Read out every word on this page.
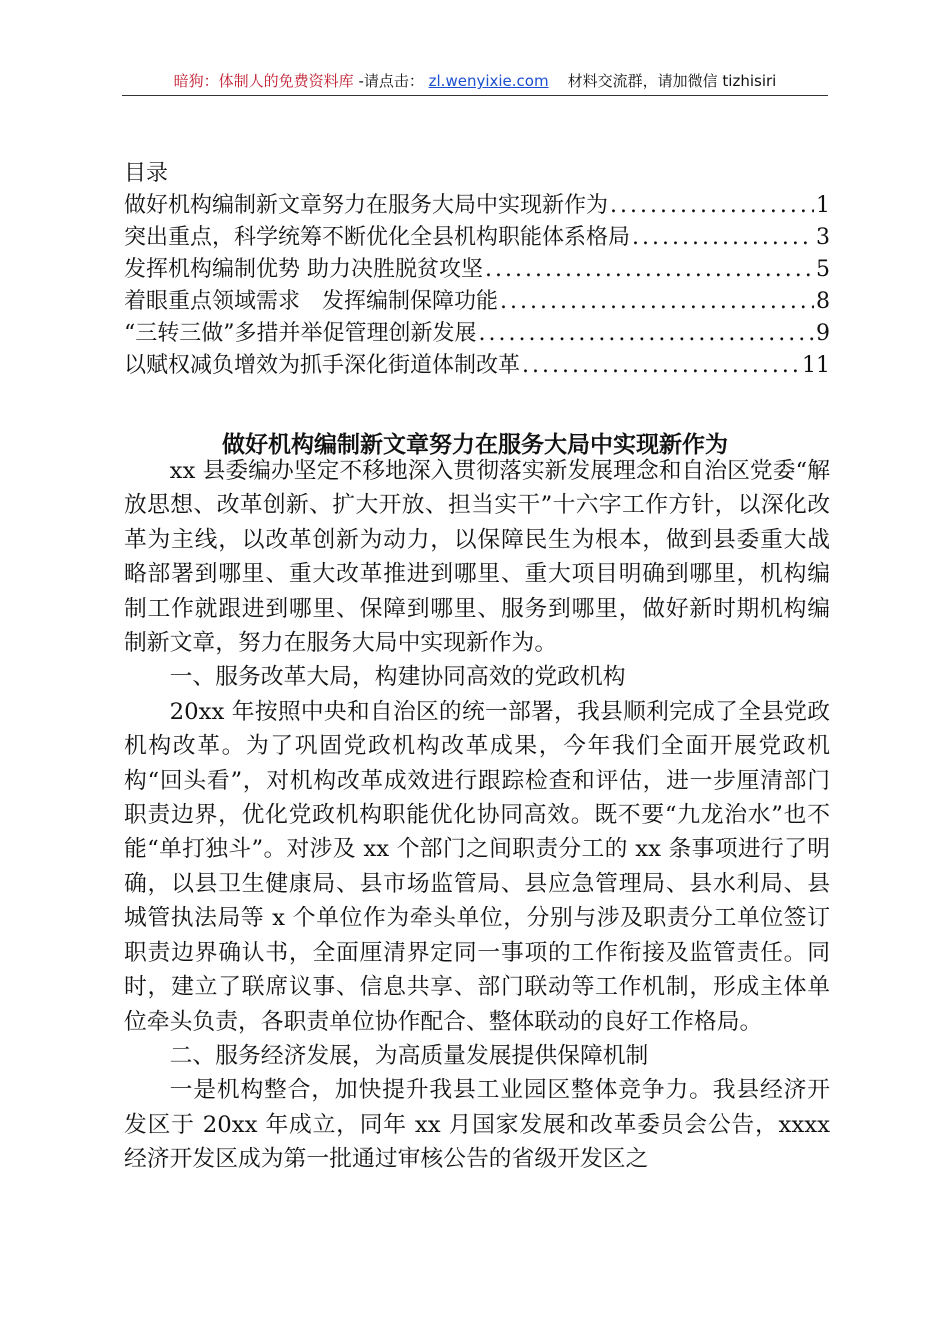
暗狗：体制人的免费资料库 -请点击： zl.wenyixie.com 材料交流群，请加微信 tizhisiri
目录
做好机构编制新文章努力在服务大局中实现新作为 .....	1
突出重点，科学统筹不断优化全县机构职能体系格局 .....	3
发挥机构编制优势 助力决胜脱贫攻坚 .....	5
着眼重点领域需求　发挥编制保障功能 .....	8
“三转三做”多措并举促管理创新发展 .....	9
以赋权减负增效为抓手深化街道体制改革 .....	11
做好机构编制新文章努力在服务大局中实现新作为

xx 县委编办坚定不移地深入贯彻落实新发展理念和自治区党委“解放思想、改革创新、扩大开放、担当实干”十六字工作方针，以深化改革为主线，以改革创新为动力，以保障民生为根本，做到县委重大战略部署到哪里、重大改革推进到哪里、重大项目明确到哪里，机构编制工作就跟进到哪里、保障到哪里、服务到哪里，做好新时期机构编制新文章，努力在服务大局中实现新作为。

一、服务改革大局，构建协同高效的党政机构

20xx 年按照中央和自治区的统一部署，我县顺利完成了全县党政机构改革。为了巩固党政机构改革成果，今年我们全面开展党政机构“回头看”，对机构改革成效进行跟踪检查和评估，进一步厘清部门职责边界，优化党政机构职能优化协同高效。既不要“九龙治水”也不能“单打独斗”。对涉及 xx 个部门之间职责分工的 xx 条事项进行了明确，以县卫生健康局、县市场监管局、县应急管理局、县水利局、县城管执法局等 x 个单位作为牵头单位，分别与涉及职责分工单位签订职责边界确认书，全面厘清界定同一事项的工作衔接及监管责任。同时，建立了联席议事、信息共享、部门联动等工作机制，形成主体单位牵头负责，各职责单位协作配合、整体联动的良好工作格局。

二、服务经济发展，为高质量发展提供保障机制

一是机构整合，加快提升我县工业园区整体竞争力。我县经济开发区于 20xx 年成立，同年 xx 月国家发展和改革委员会公告，xxxx 经济开发区成为第一批通过审核公告的省级开发区之
